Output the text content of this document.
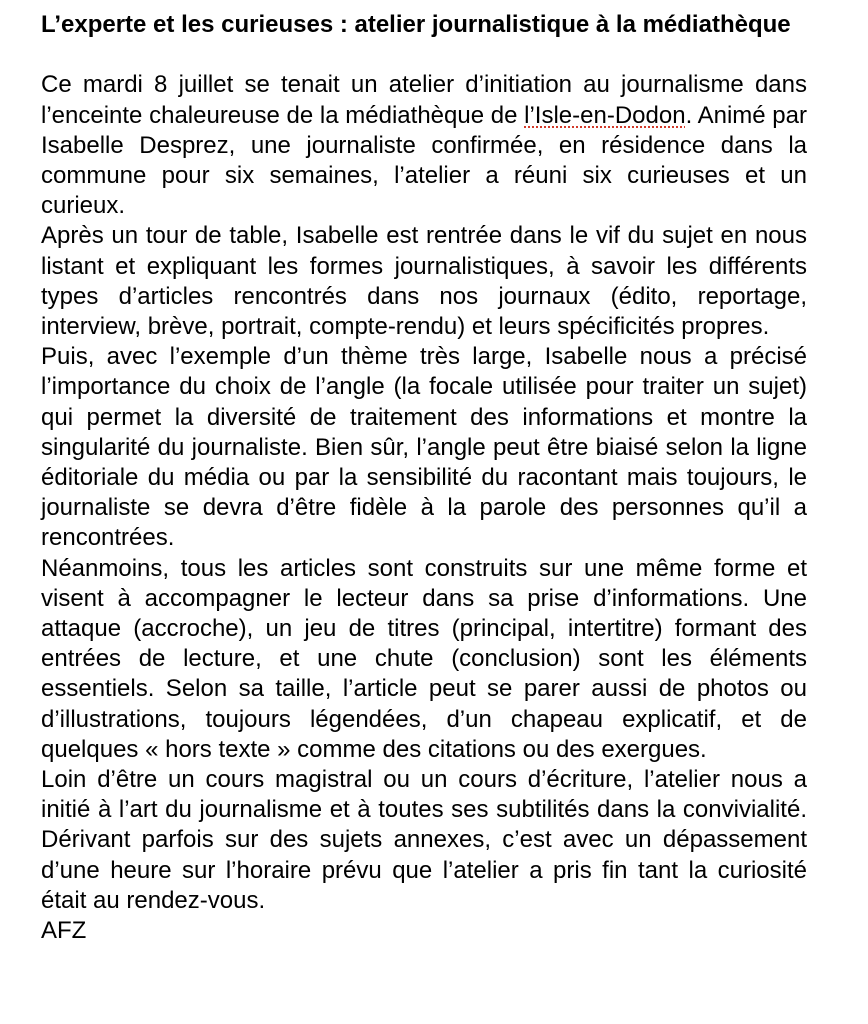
L’experte et les curieuses : atelier journalistique à la médiathèque

Ce mardi 8 juillet se tenait un atelier d’initiation au journalisme dans l’enceinte chaleureuse de la médiathèque de l’Isle-en-Dodon. Animé par Isabelle Desprez, une journaliste confirmée, en résidence dans la commune pour six semaines, l’atelier a réuni six curieuses et un curieux.

Après un tour de table, Isabelle est rentrée dans le vif du sujet en nous listant et expliquant les formes journalistiques, à savoir les différents types d’articles rencontrés dans nos journaux (édito, reportage, interview, brève, portrait, compte-rendu) et leurs spécificités propres.

Puis, avec l’exemple d’un thème très large, Isabelle nous a précisé l’importance du choix de l’angle (la focale utilisée pour traiter un sujet) qui permet la diversité de traitement des informations et montre la singularité du journaliste. Bien sûr, l’angle peut être biaisé selon la ligne éditoriale du média ou par la sensibilité du racontant mais toujours, le journaliste se devra d’être fidèle à la parole des personnes qu’il a rencontrées.

Néanmoins, tous les articles sont construits sur une même forme et visent à accompagner le lecteur dans sa prise d’informations. Une attaque (accroche), un jeu de titres (principal, intertitre) formant des entrées de lecture, et une chute (conclusion) sont les éléments essentiels. Selon sa taille, l’article peut se parer aussi de photos ou d’illustrations, toujours légendées, d’un chapeau explicatif, et de quelques « hors texte » comme des citations ou des exergues.

Loin d’être un cours magistral ou un cours d’écriture, l’atelier nous a initié à l’art du journalisme et à toutes ses subtilités dans la convivialité. Dérivant parfois sur des sujets annexes, c’est avec un dépassement d’une heure sur l’horaire prévu que l’atelier a pris fin tant la curiosité était au rendez-vous.

AFZ
